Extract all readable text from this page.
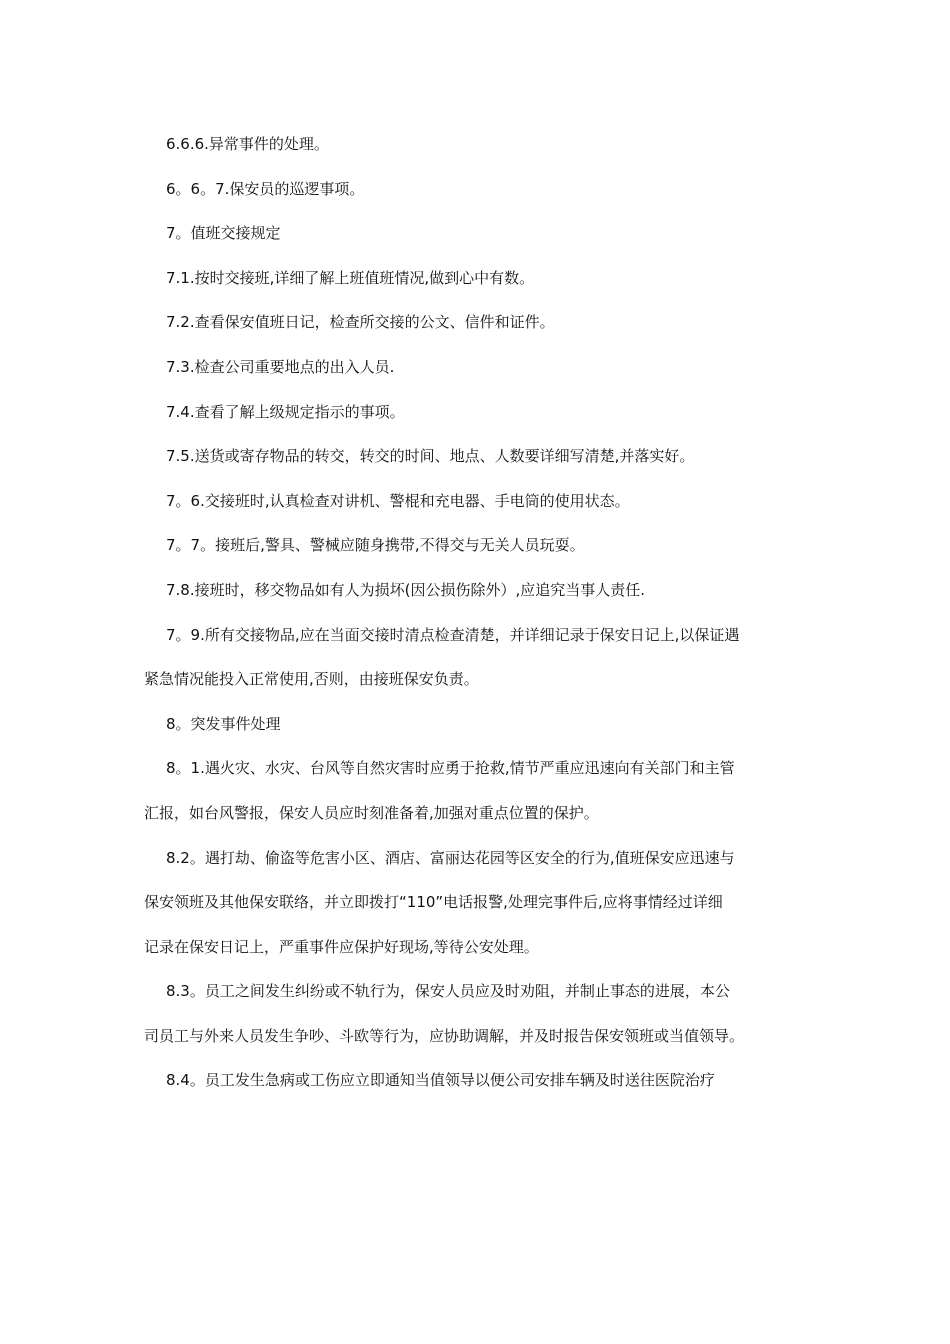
6.6.6.异常事件的处理。

6。6。7.保安员的巡逻事项。

7。值班交接规定

7.1.按时交接班,详细了解上班值班情况,做到心中有数。

7.2.查看保安值班日记，检查所交接的公文、信件和证件。

7.3.检查公司重要地点的出入人员.

7.4.查看了解上级规定指示的事项。

7.5.送货或寄存物品的转交，转交的时间、地点、人数要详细写清楚,并落实好。

7。6.交接班时,认真检查对讲机、警棍和充电器、手电筒的使用状态。

7。7。接班后,警具、警械应随身携带,不得交与无关人员玩耍。

7.8.接班时，移交物品如有人为损坏(因公损伤除外）,应追究当事人责任.

7。9.所有交接物品,应在当面交接时清点检查清楚，并详细记录于保安日记上,以保证遇

紧急情况能投入正常使用,否则，由接班保安负责。

8。突发事件处理

8。1.遇火灾、水灾、台风等自然灾害时应勇于抢救,情节严重应迅速向有关部门和主管

汇报，如台风警报，保安人员应时刻准备着,加强对重点位置的保护。

8.2。遇打劫、偷盗等危害小区、酒店、富丽达花园等区安全的行为,值班保安应迅速与

保安领班及其他保安联络，并立即拨打“110”电话报警,处理完事件后,应将事情经过详细

记录在保安日记上，严重事件应保护好现场,等待公安处理。

8.3。员工之间发生纠纷或不轨行为，保安人员应及时劝阻，并制止事态的进展，本公

司员工与外来人员发生争吵、斗欧等行为，应协助调解，并及时报告保安领班或当值领导。

8.4。员工发生急病或工伤应立即通知当值领导以便公司安排车辆及时送往医院治疗
